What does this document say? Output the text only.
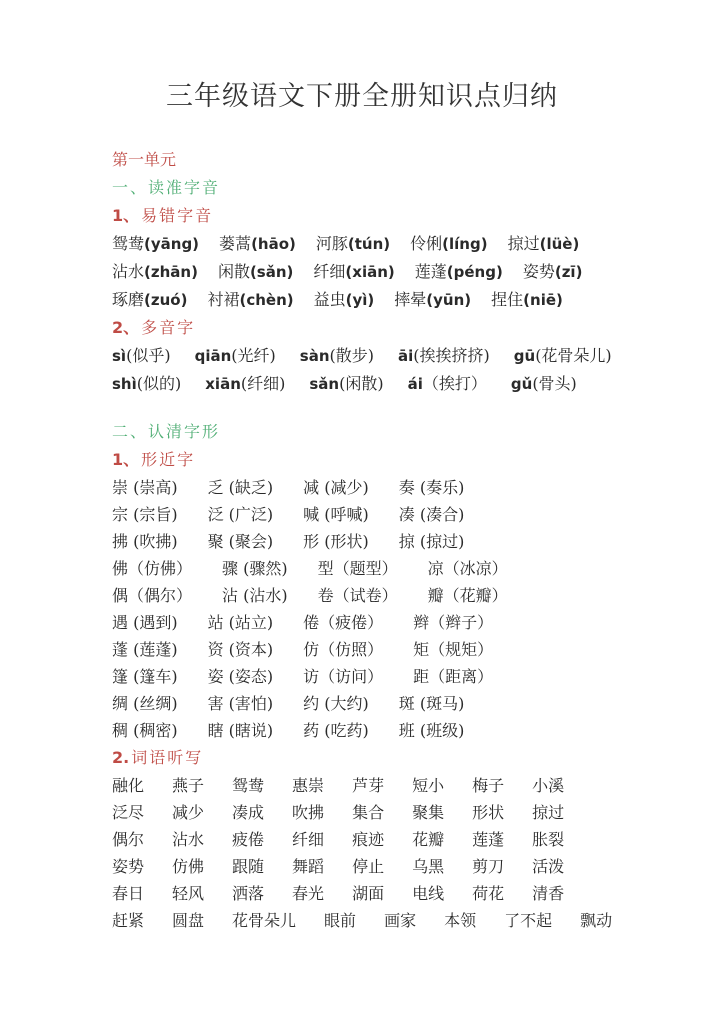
三年级语文下册全册知识点归纳
第一单元
一、读准字音
1、 易错字音
鸳鸯(yāng) 蒌蒿(hāo) 河豚(tún) 伶俐(líng) 掠过(lüè)
沾水(zhān) 闲散(sǎn) 纤细(xiān) 莲蓬(péng) 姿势(zī)
琢磨(zuó) 衬裙(chèn) 益虫(yì) 摔晕(yūn) 捏住(niē)
2、 多音字
sì(似乎) qiān(光纤) sàn(散步) āi(挨挨挤挤) gū(花骨朵儿)
shì(似的) xiān(纤细) sǎn(闲散) ái（挨打） gǔ(骨头)
二、认清字形
1、 形近字
崇 (崇高) 乏 (缺乏) 减 (减少) 奏 (奏乐)
宗 (宗旨) 泛 (广泛) 喊 (呼喊) 凑 (凑合)
拂 (吹拂) 聚 (聚会) 形 (形状) 掠 (掠过)
佛（仿佛） 骤 (骤然) 型（题型） 凉（冰凉）
偶（偶尔） 沾 (沾水) 卷（试卷） 瓣（花瓣）
遇 (遇到) 站 (站立) 倦（疲倦） 辫（辫子）
蓬 (莲蓬) 资 (资本) 仿（仿照） 矩（规矩）
篷 (篷车) 姿 (姿态) 访（访问） 距（距离）
绸 (丝绸) 害 (害怕) 约 (大约) 斑 (斑马)
稠 (稠密) 瞎 (瞎说) 药 (吃药) 班 (班级)
2. 词语听写
融化 燕子 鸳鸯 惠崇 芦芽 短小 梅子 小溪
泛尽 减少 凑成 吹拂 集合 聚集 形状 掠过
偶尔 沾水 疲倦 纤细 痕迹 花瓣 莲蓬 胀裂
姿势 仿佛 跟随 舞蹈 停止 乌黑 剪刀 活泼
春日 轻风 洒落 春光 湖面 电线 荷花 清香
赶紧 圆盘 花骨朵儿 眼前 画家 本领 了不起 飘动
